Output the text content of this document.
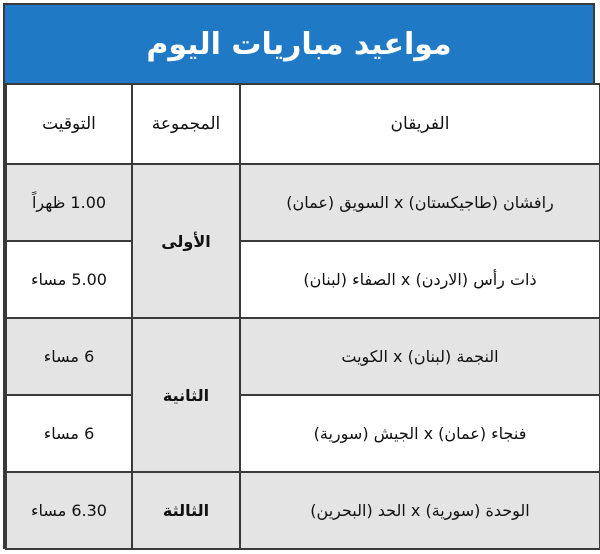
مواعيد مباريات اليوم
الفريقان	المجموعة	التوقيت
رافشان (طاجيكستان) x السويق (عمان)	الأولى	1.00 ظهراً
ذات رأس (الاردن) x الصفاء (لبنان)		5.00 مساء
النجمة (لبنان) x الكويت	الثانية	6 مساء
فنجاء (عمان) x الجيش (سورية)		6 مساء
الوحدة (سورية) x الحد (البحرين)	الثالثة	6.30 مساء
